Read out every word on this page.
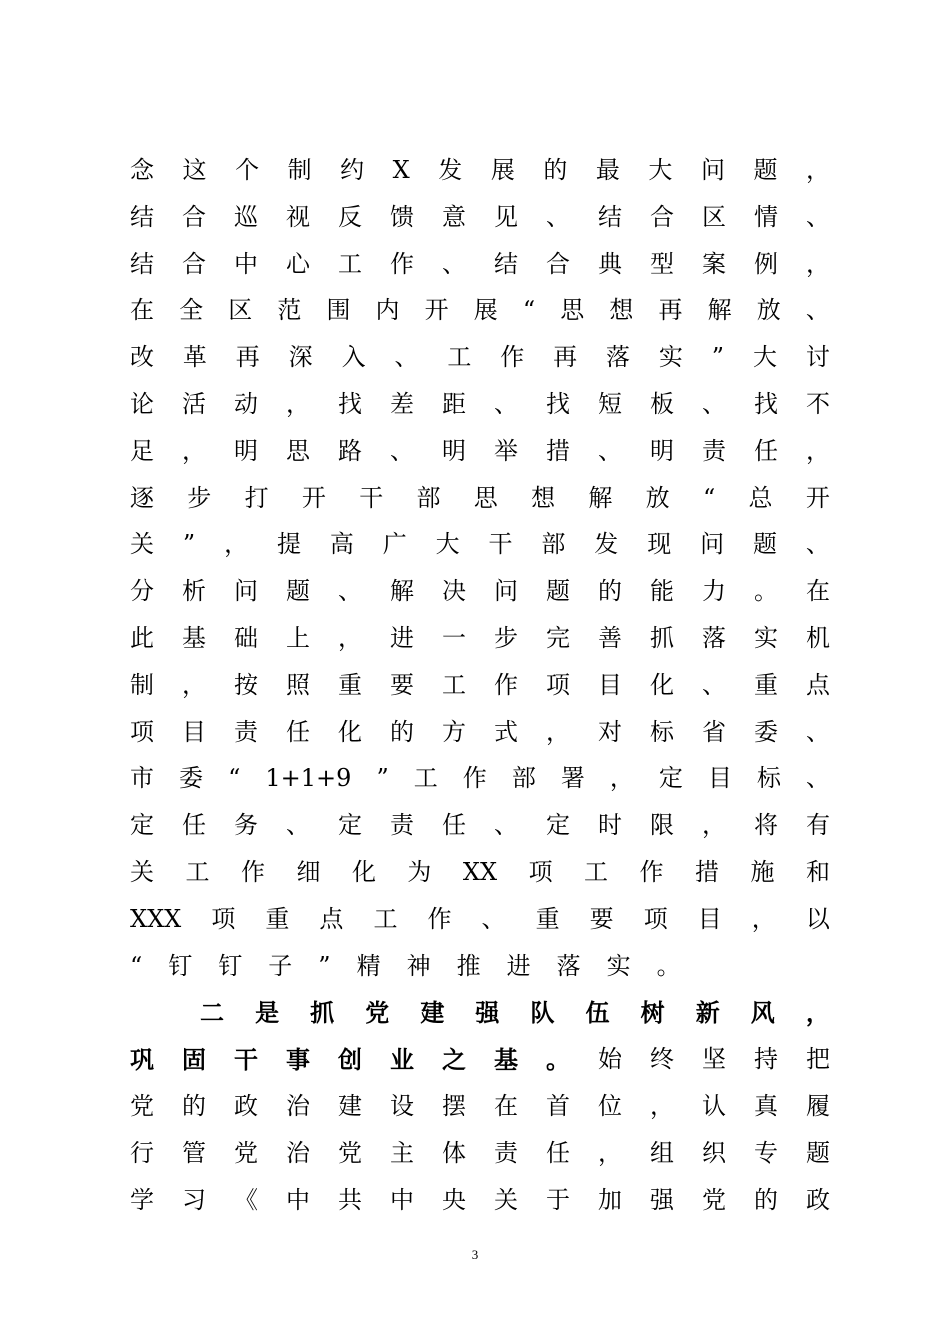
念 这 个 制 约 X 发 展 的 最 大 问 题 ，
结 合 巡 视 反 馈 意 见 、 结 合 区 情 、
结 合 中 心 工 作 、 结 合 典 型 案 例 ，
在 全 区 范 围 内 开 展 “ 思 想 再 解 放 、
改 革 再 深 入 、 工 作 再 落 实 ” 大 讨
论 活 动 ， 找 差 距 、 找 短 板 、 找 不
足 ， 明 思 路 、 明 举 措 、 明 责 任 ，
逐 步 打 开 干 部 思 想 解 放 “ 总 开
关 ” ， 提 高 广 大 干 部 发 现 问 题 、
分 析 问 题 、 解 决 问 题 的 能 力 。 在
此 基 础 上 ， 进 一 步 完 善 抓 落 实 机
制 ， 按 照 重 要 工 作 项 目 化 、 重 点
项 目 责 任 化 的 方 式 ， 对 标 省 委 、
市 委 “ 1+1+9 ” 工 作 部 署 ， 定 目 标 、
定 任 务 、 定 责 任 、 定 时 限 ， 将 有
关 工 作 细 化 为 XX 项 工 作 措 施 和
XXX 项 重 点 工 作 、 重 要 项 目 ， 以
“ 钉 钉 子 ” 精 神 推 进 落 实 。
二 是 抓 党 建 强 队 伍 树 新 风 ，
巩 固 干 事 创 业 之 基 。 始 终 坚 持 把
党 的 政 治 建 设 摆 在 首 位 ， 认 真 履
行 管 党 治 党 主 体 责 任 ， 组 织 专 题
学 习 《 中 共 中 央 关 于 加 强 党 的 政
3
